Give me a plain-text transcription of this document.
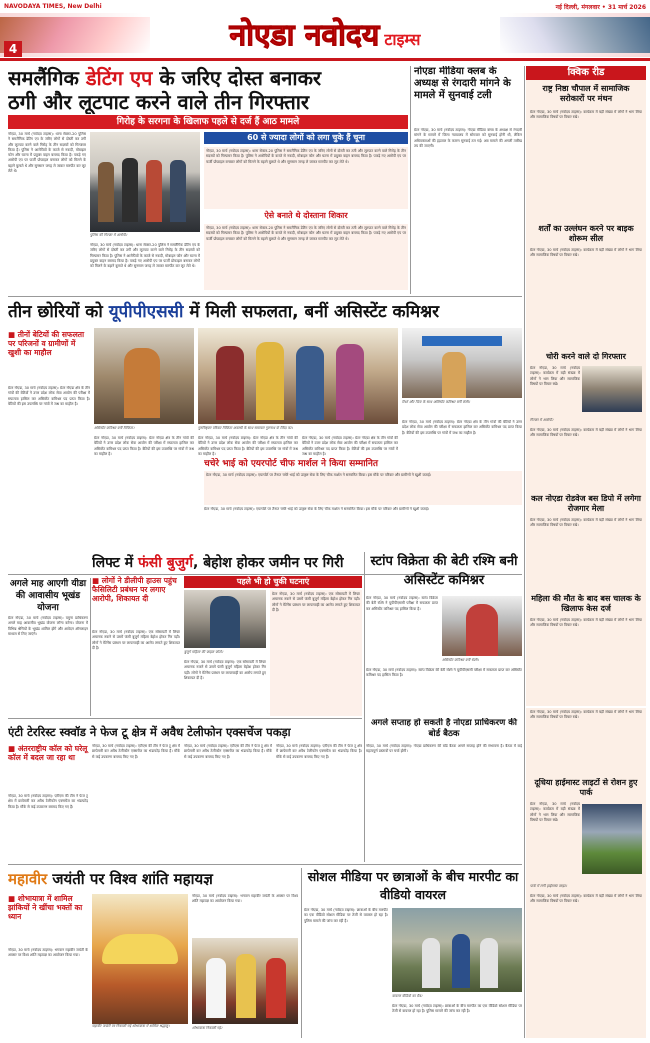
NAVODAYA TIMES, New Delhi	नई दिल्ली, मंगलवार • 31 मार्च 2026
4	नोएडा नवोदय टाइम्स
समलैंगिक डेटिंग एप के जरिए दोस्त बनाकर
ठगी और लूटपाट करने वाले तीन गिरफ्तार
गिरोह के सरगना के खिलाफ पहले से दर्ज हैं आठ मामले
नोएडा, 30 मार्च (नवोदय टाइम्स): थाना सेक्टर-20 पुलिस ने समलैंगिक डेटिंग एप के जरिए लोगों से दोस्ती कर ठगी और लूटपाट करने वाले गिरोह के तीन सदस्यों को गिरफ्तार किया है। पुलिस ने आरोपियों के कब्जे से नकदी, मोबाइल फोन और घटना में प्रयुक्त वाहन बरामद किया है। पकड़े गए आरोपी एप पर फर्जी प्रोफाइल बनाकर लोगों को मिलने के बहाने बुलाते थे और सुनसान जगह ले जाकर मारपीट कर लूट लेते थे।
पुलिस की गिरफ्त में आरोपी।
नोएडा, 30 मार्च (नवोदय टाइम्स): थाना सेक्टर-20 पुलिस ने समलैंगिक डेटिंग एप के जरिए लोगों से दोस्ती कर ठगी और लूटपाट करने वाले गिरोह के तीन सदस्यों को गिरफ्तार किया है। पुलिस ने आरोपियों के कब्जे से नकदी, मोबाइल फोन और घटना में प्रयुक्त वाहन बरामद किया है। पकड़े गए आरोपी एप पर फर्जी प्रोफाइल बनाकर लोगों को मिलने के बहाने बुलाते थे और सुनसान जगह ले जाकर मारपीट कर लूट लेते थे।
60 से ज्यादा लोगों को लगा चुके हैं चूना
नोएडा, 30 मार्च (नवोदय टाइम्स): थाना सेक्टर-20 पुलिस ने समलैंगिक डेटिंग एप के जरिए लोगों से दोस्ती कर ठगी और लूटपाट करने वाले गिरोह के तीन सदस्यों को गिरफ्तार किया है। पुलिस ने आरोपियों के कब्जे से नकदी, मोबाइल फोन और घटना में प्रयुक्त वाहन बरामद किया है। पकड़े गए आरोपी एप पर फर्जी प्रोफाइल बनाकर लोगों को मिलने के बहाने बुलाते थे और सुनसान जगह ले जाकर मारपीट कर लूट लेते थे।
ऐसे बनाते थे दोस्ताना शिकार
नोएडा, 30 मार्च (नवोदय टाइम्स): थाना सेक्टर-20 पुलिस ने समलैंगिक डेटिंग एप के जरिए लोगों से दोस्ती कर ठगी और लूटपाट करने वाले गिरोह के तीन सदस्यों को गिरफ्तार किया है। पुलिस ने आरोपियों के कब्जे से नकदी, मोबाइल फोन और घटना में प्रयुक्त वाहन बरामद किया है। पकड़े गए आरोपी एप पर फर्जी प्रोफाइल बनाकर लोगों को मिलने के बहाने बुलाते थे और सुनसान जगह ले जाकर मारपीट कर लूट लेते थे।
नोएडा मीडिया क्लब के अध्यक्ष से रंगदारी मांगने के मामले में सुनवाई टली
ग्रेटर नोएडा, 30 मार्च (नवोदय टाइम्स): नोएडा मीडिया क्लब के अध्यक्ष से रंगदारी मांगने के मामले में जिला न्यायालय में सोमवार को सुनवाई होनी थी, लेकिन अधिवक्ताओं की हड़ताल के कारण सुनवाई टल गई। अब मामले की अगली तारीख तय की जाएगी।
क्विक रीड
राष्ट्र निष्ठा चौपाल में सामाजिक सरोकारों पर मंथन
ग्रेटर नोएडा, 30 मार्च (नवोदय टाइम्स): कार्यक्रम में बड़ी संख्या में लोगों ने भाग लिया और सामाजिक विषयों पर विचार रखे।
शर्तों का उल्लंघन करने पर बाइक शोरूम सील
ग्रेटर नोएडा, 30 मार्च (नवोदय टाइम्स): कार्यक्रम में बड़ी संख्या में लोगों ने भाग लिया और सामाजिक विषयों पर विचार रखे।
चोरी करने वाले दो गिरफ्तार
ग्रेटर नोएडा, 30 मार्च (नवोदय टाइम्स): कार्यक्रम में बड़ी संख्या में लोगों ने भाग लिया और सामाजिक विषयों पर विचार रखे।
गिरफ्त में आरोपी।
ग्रेटर नोएडा, 30 मार्च (नवोदय टाइम्स): कार्यक्रम में बड़ी संख्या में लोगों ने भाग लिया और सामाजिक विषयों पर विचार रखे।
कल नोएडा रोडवेज बस डिपो में लगेगा रोजगार मेला
ग्रेटर नोएडा, 30 मार्च (नवोदय टाइम्स): कार्यक्रम में बड़ी संख्या में लोगों ने भाग लिया और सामाजिक विषयों पर विचार रखे।
महिला की मौत के बाद बस चालक के खिलाफ केस दर्ज
ग्रेटर नोएडा, 30 मार्च (नवोदय टाइम्स): कार्यक्रम में बड़ी संख्या में लोगों ने भाग लिया और सामाजिक विषयों पर विचार रखे।
ग्रेटर नोएडा, 30 मार्च (नवोदय टाइम्स): कार्यक्रम में बड़ी संख्या में लोगों ने भाग लिया और सामाजिक विषयों पर विचार रखे।
दूधिया हाईमास्ट लाइटों से रोशन हुए पार्क
ग्रेटर नोएडा, 30 मार्च (नवोदय टाइम्स): कार्यक्रम में बड़ी संख्या में लोगों ने भाग लिया और सामाजिक विषयों पर विचार रखे।
पार्क में लगी हाईमास्ट लाइट।
ग्रेटर नोएडा, 30 मार्च (नवोदय टाइम्स): कार्यक्रम में बड़ी संख्या में लोगों ने भाग लिया और सामाजिक विषयों पर विचार रखे।
तीन छोरियों को यूपीपीएससी में मिली सफलता, बनीं असिस्टेंट कमिश्नर
■ तीनों बेटियों की सफलता पर परिजनों व ग्रामीणों में खुशी का माहौल
ग्रेटर नोएडा, 30 मार्च (नवोदय टाइम्स): ग्रेटर नोएडा क्षेत्र के तीन गांवों की बेटियों ने उत्तर प्रदेश लोक सेवा आयोग की परीक्षा में सफलता हासिल कर असिस्टेंट कमिश्नर पद प्राप्त किया है। बेटियों की इस उपलब्धि पर गांवों में जश्न का माहौल है।
असिस्टेंट कमिश्नर बनी निकिता।	गुरुनिष्ठ्यन परिवार निकिता अवस्थी के साथ समाचार गुरुनाथ के जिंदा का।
रिश्ते और पिता के साथ असिस्टेंट कमिश्नर बनीं रश्मि।
ग्रेटर नोएडा, 30 मार्च (नवोदय टाइम्स): ग्रेटर नोएडा क्षेत्र के तीन गांवों की बेटियों ने उत्तर प्रदेश लोक सेवा आयोग की परीक्षा में सफलता हासिल कर असिस्टेंट कमिश्नर पद प्राप्त किया है। बेटियों की इस उपलब्धि पर गांवों में जश्न का माहौल है।
ग्रेटर नोएडा, 30 मार्च (नवोदय टाइम्स): ग्रेटर नोएडा क्षेत्र के तीन गांवों की बेटियों ने उत्तर प्रदेश लोक सेवा आयोग की परीक्षा में सफलता हासिल कर असिस्टेंट कमिश्नर पद प्राप्त किया है। बेटियों की इस उपलब्धि पर गांवों में जश्न का माहौल है।
ग्रेटर नोएडा, 30 मार्च (नवोदय टाइम्स): ग्रेटर नोएडा क्षेत्र के तीन गांवों की बेटियों ने उत्तर प्रदेश लोक सेवा आयोग की परीक्षा में सफलता हासिल कर असिस्टेंट कमिश्नर पद प्राप्त किया है। बेटियों की इस उपलब्धि पर गांवों में जश्न का माहौल है।
ग्रेटर नोएडा, 30 मार्च (नवोदय टाइम्स): ग्रेटर नोएडा क्षेत्र के तीन गांवों की बेटियों ने उत्तर प्रदेश लोक सेवा आयोग की परीक्षा में सफलता हासिल कर असिस्टेंट कमिश्नर पद प्राप्त किया है। बेटियों की इस उपलब्धि पर गांवों में जश्न का माहौल है।
चचेरे भाई को एयरपोर्ट चीफ मार्शल ने किया सम्मानित
ग्रेटर नोएडा, 30 मार्च (नवोदय टाइम्स): एयरपोर्ट पर तैनात चचेरे भाई को उत्कृष्ट सेवा के लिए चीफ मार्शल ने सम्मानित किया। इस मौके पर परिवार और ग्रामीणों ने खुशी जताई।
ग्रेटर नोएडा, 30 मार्च (नवोदय टाइम्स): एयरपोर्ट पर तैनात चचेरे भाई को उत्कृष्ट सेवा के लिए चीफ मार्शल ने सम्मानित किया। इस मौके पर परिवार और ग्रामीणों ने खुशी जताई।
अगले माह आएगी यीडा की आवासीय भूखंड योजना
ग्रेटर नोएडा, 30 मार्च (नवोदय टाइम्स): यमुना प्राधिकरण अगले माह आवासीय भूखंड योजना लॉन्च करेगा। योजना में विभिन्न श्रेणियों के भूखंड शामिल होंगे और आवेदन ऑनलाइन माध्यम से लिए जाएंगे।
लिफ्ट में फंसी बुजुर्ग, बेहोश होकर जमीन पर गिरी
■ लोगों ने डीलीपी हाउस पहुंच फैसिलिटी प्रबंधन पर लगाए आरोपी, शिकायत दी
पहले भी हो चुकी घटनाएं
बुजुर्ग महिला की फाइल फोटो।
ग्रेटर नोएडा, 30 मार्च (नवोदय टाइम्स): एक सोसायटी में लिफ्ट अचानक रुकने से उसमें फंसी बुजुर्ग महिला बेहोश होकर गिर पड़ी। लोगों ने मेंटेनेंस प्रबंधन पर लापरवाही का आरोप लगाते हुए शिकायत दी है।
ग्रेटर नोएडा, 30 मार्च (नवोदय टाइम्स): एक सोसायटी में लिफ्ट अचानक रुकने से उसमें फंसी बुजुर्ग महिला बेहोश होकर गिर पड़ी। लोगों ने मेंटेनेंस प्रबंधन पर लापरवाही का आरोप लगाते हुए शिकायत दी है।
ग्रेटर नोएडा, 30 मार्च (नवोदय टाइम्स): एक सोसायटी में लिफ्ट अचानक रुकने से उसमें फंसी बुजुर्ग महिला बेहोश होकर गिर पड़ी। लोगों ने मेंटेनेंस प्रबंधन पर लापरवाही का आरोप लगाते हुए शिकायत दी है।
स्टांप विक्रेता की बेटी रश्मि बनी असिस्टेंट कमिश्नर
ग्रेटर नोएडा, 30 मार्च (नवोदय टाइम्स): स्टांप विक्रेता की बेटी रश्मि ने यूपीपीएससी परीक्षा में सफलता प्राप्त कर असिस्टेंट कमिश्नर पद हासिल किया है।
असिस्टेंट कमिश्नर बनी रश्मि।
ग्रेटर नोएडा, 30 मार्च (नवोदय टाइम्स): स्टांप विक्रेता की बेटी रश्मि ने यूपीपीएससी परीक्षा में सफलता प्राप्त कर असिस्टेंट कमिश्नर पद हासिल किया है।
अगले सप्ताह हो सकती है नोएडा प्राधिकरण की बोर्ड बैठक
नोएडा, 30 मार्च (नवोदय टाइम्स): नोएडा प्राधिकरण की बोर्ड बैठक अगले सप्ताह होने की संभावना है। बैठक में कई महत्वपूर्ण प्रस्तावों पर चर्चा होगी।
एंटी टेररिस्ट स्क्वॉड ने फेज टू क्षेत्र में अवैध टेलीफोन एक्सचेंज पकड़ा
■ अंतरराष्ट्रीय कॉल को घरेलू कॉल में बदल जा रहा था
नोएडा, 30 मार्च (नवोदय टाइम्स): एटीएस की टीम ने फेज टू क्षेत्र में छापेमारी कर अवैध टेलीफोन एक्सचेंज का भंडाफोड़ किया है। मौके से कई उपकरण बरामद किए गए हैं।
नोएडा, 30 मार्च (नवोदय टाइम्स): एटीएस की टीम ने फेज टू क्षेत्र में छापेमारी कर अवैध टेलीफोन एक्सचेंज का भंडाफोड़ किया है। मौके से कई उपकरण बरामद किए गए हैं।
नोएडा, 30 मार्च (नवोदय टाइम्स): एटीएस की टीम ने फेज टू क्षेत्र में छापेमारी कर अवैध टेलीफोन एक्सचेंज का भंडाफोड़ किया है। मौके से कई उपकरण बरामद किए गए हैं।
नोएडा, 30 मार्च (नवोदय टाइम्स): एटीएस की टीम ने फेज टू क्षेत्र में छापेमारी कर अवैध टेलीफोन एक्सचेंज का भंडाफोड़ किया है। मौके से कई उपकरण बरामद किए गए हैं।
महावीर जयंती पर विश्व शांति महायज्ञ
■ शोभायात्रा में शामिल झांकियों ने खींचा भक्तों का ध्यान
नोएडा, 30 मार्च (नवोदय टाइम्स): भगवान महावीर जयंती के अवसर पर विश्व शांति महायज्ञ का आयोजन किया गया।
महावीर जयंती पर निकाली गई शोभायात्रा में शामिल श्रद्धालु।
नोएडा, 30 मार्च (नवोदय टाइम्स): भगवान महावीर जयंती के अवसर पर विश्व शांति महायज्ञ का आयोजन किया गया।
शोभायात्रा निकाली गई।
सोशल मीडिया पर छात्राओं के बीच मारपीट का वीडियो वायरल
ग्रेटर नोएडा, 30 मार्च (नवोदय टाइम्स): छात्राओं के बीच मारपीट का एक वीडियो सोशल मीडिया पर तेजी से वायरल हो रहा है। पुलिस मामले की जांच कर रही है।
वायरल वीडियो का ग्रैब।
ग्रेटर नोएडा, 30 मार्च (नवोदय टाइम्स): छात्राओं के बीच मारपीट का एक वीडियो सोशल मीडिया पर तेजी से वायरल हो रहा है। पुलिस मामले की जांच कर रही है।
